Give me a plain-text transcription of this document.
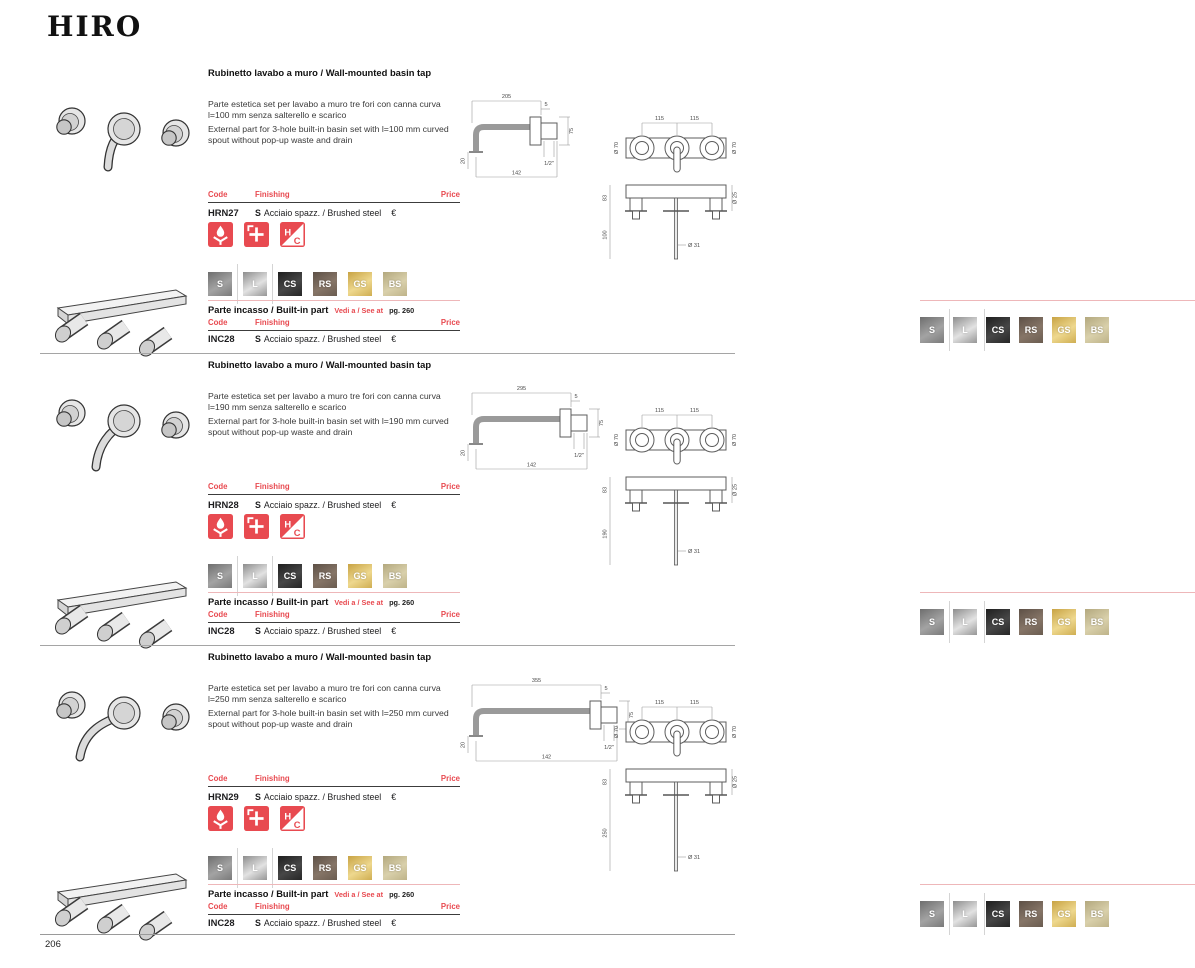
HIRO
Rubinetto lavabo a muro / Wall-mounted basin tap

Parte estetica set per lavabo a muro tre fori con canna curva l=100 mm senza salterello e scarico

External part for 3-hole built-in basin set with l=100 mm curved spout without pop-up waste and drain

Code	Finishing	Price
HRN27	S Acciaio spazz. / Brushed steel €
H
C
S	L	CS	RS	GS	BS
Parte incasso / Built-in part Vedi a / See at pg. 260
Code	Finishing	Price
INC28	S Acciaio spazz. / Brushed steel €
205
5
75
1/2"
20
142
115	115
Ø 70	Ø 70
83	Ø 25
100
Ø 31
S	L	CS	RS	GS	BS
Rubinetto lavabo a muro / Wall-mounted basin tap

Parte estetica set per lavabo a muro tre fori con canna curva l=190 mm senza salterello e scarico

External part for 3-hole built-in basin set with l=190 mm curved spout without pop-up waste and drain

Code	Finishing	Price
HRN28	S Acciaio spazz. / Brushed steel €
H
C
S	L	CS	RS	GS	BS
Parte incasso / Built-in part Vedi a / See at pg. 260
Code	Finishing	Price
INC28	S Acciaio spazz. / Brushed steel €
295
5
75
1/2"
20
142
115	115
Ø 70	Ø 70
83	Ø 25
190
Ø 31
S	L	CS	RS	GS	BS
Rubinetto lavabo a muro / Wall-mounted basin tap

Parte estetica set per lavabo a muro tre fori con canna curva l=250 mm senza salterello e scarico

External part for 3-hole built-in basin set with l=250 mm curved spout without pop-up waste and drain

Code	Finishing	Price
HRN29	S Acciaio spazz. / Brushed steel €
H
C
S	L	CS	RS	GS	BS
Parte incasso / Built-in part Vedi a / See at pg. 260
Code	Finishing	Price
INC28	S Acciaio spazz. / Brushed steel €
355
5
75
1/2"
20
142
115	115
Ø 70	Ø 70
83	Ø 25
250
Ø 31
S	L	CS	RS	GS	BS
206
